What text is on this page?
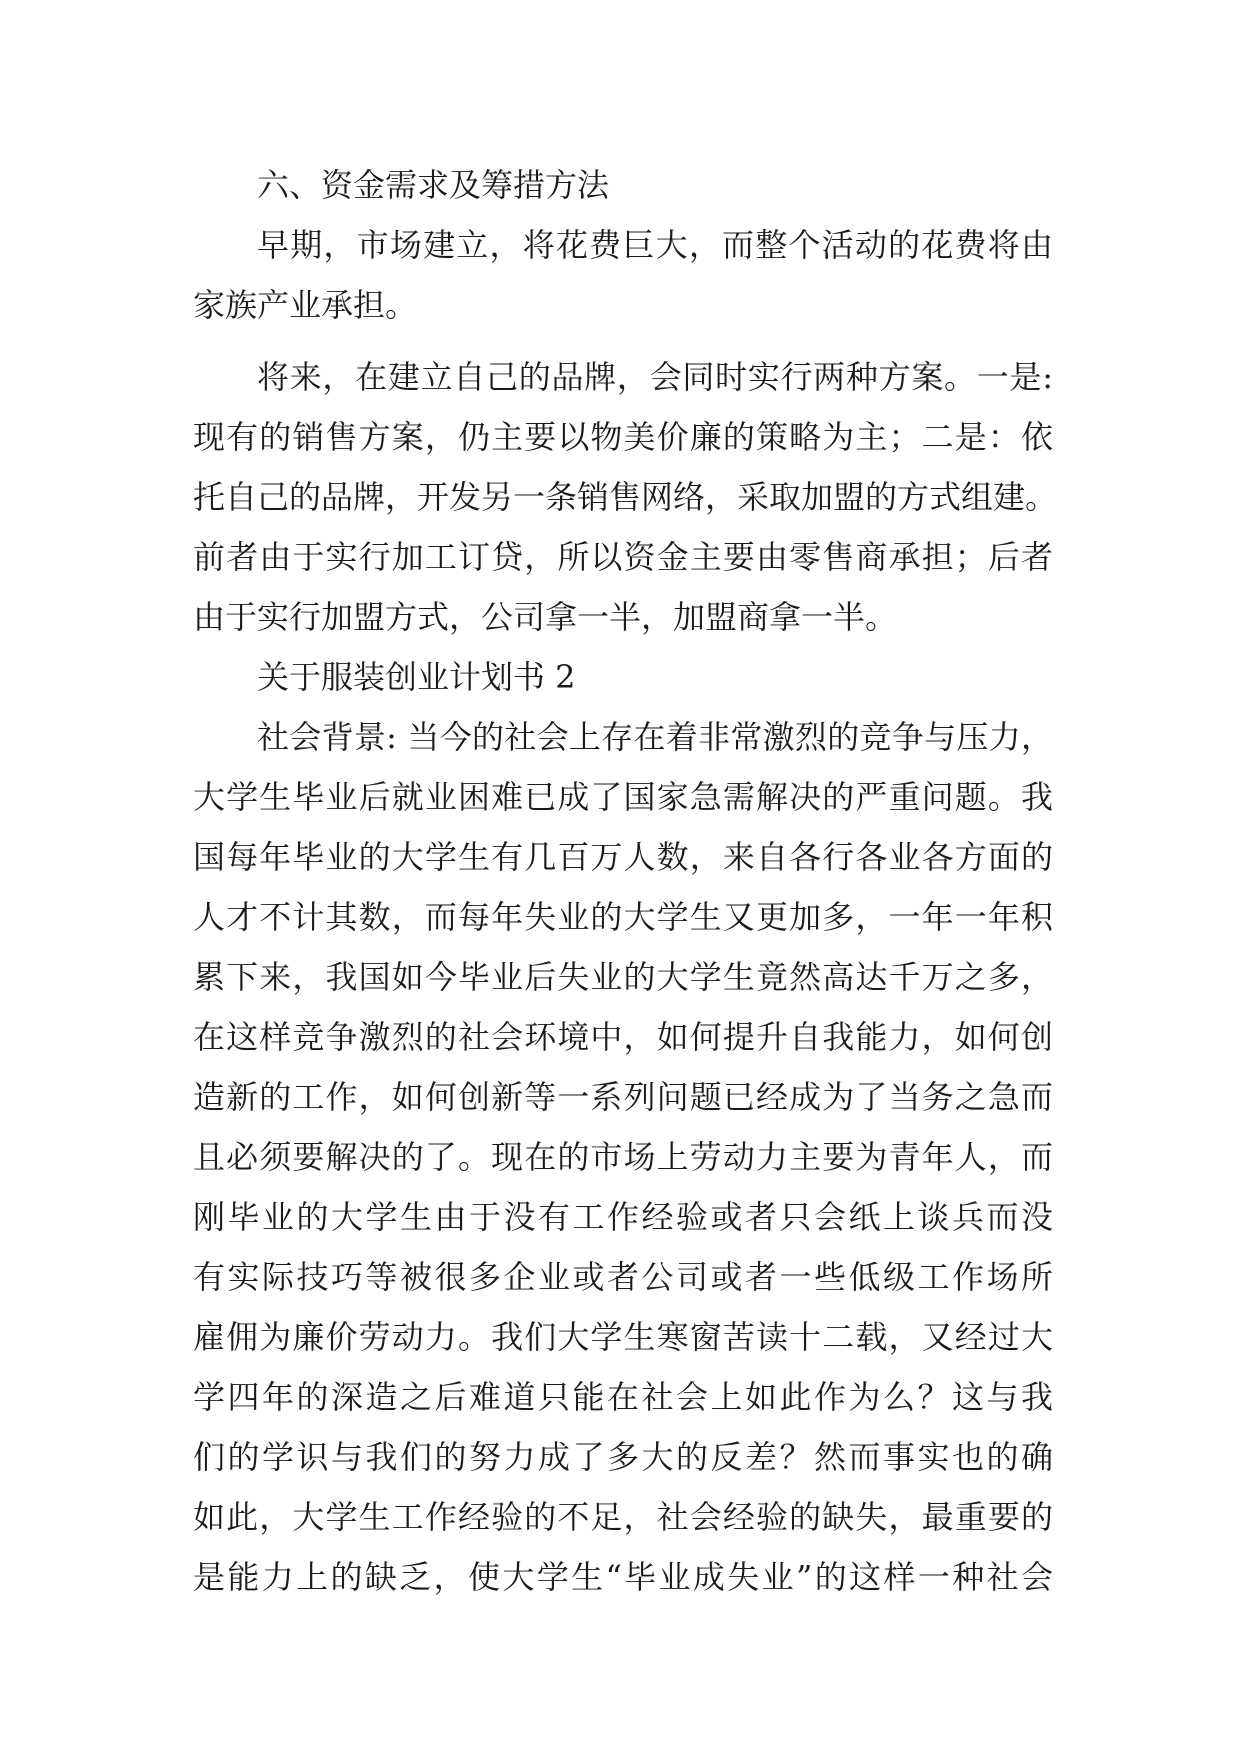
六、资金需求及筹措方法
早期，市场建立，将花费巨大，而整个活动的花费将由
家族产业承担。
将来，在建立自己的品牌，会同时实行两种方案。一是:
现有的销售方案，仍主要以物美价廉的策略为主；二是：依
托自己的品牌，开发另一条销售网络，采取加盟的方式组建。
前者由于实行加工订贷，所以资金主要由零售商承担；后者
由于实行加盟方式，公司拿一半，加盟商拿一半。
关于服装创业计划书 2
社会背景: 当今的社会上存在着非常激烈的竞争与压力，
大学生毕业后就业困难已成了国家急需解决的严重问题。我
国每年毕业的大学生有几百万人数，来自各行各业各方面的
人才不计其数，而每年失业的大学生又更加多，一年一年积
累下来，我国如今毕业后失业的大学生竟然高达千万之多，
在这样竞争激烈的社会环境中，如何提升自我能力，如何创
造新的工作，如何创新等一系列问题已经成为了当务之急而
且必须要解决的了。现在的市场上劳动力主要为青年人，而
刚毕业的大学生由于没有工作经验或者只会纸上谈兵而没
有实际技巧等被很多企业或者公司或者一些低级工作场所
雇佣为廉价劳动力。我们大学生寒窗苦读十二载，又经过大
学四年的深造之后难道只能在社会上如此作为么？这与我
们的学识与我们的努力成了多大的反差？然而事实也的确
如此，大学生工作经验的不足，社会经验的缺失，最重要的
是能力上的缺乏，使大学生“毕业成失业”的这样一种社会
